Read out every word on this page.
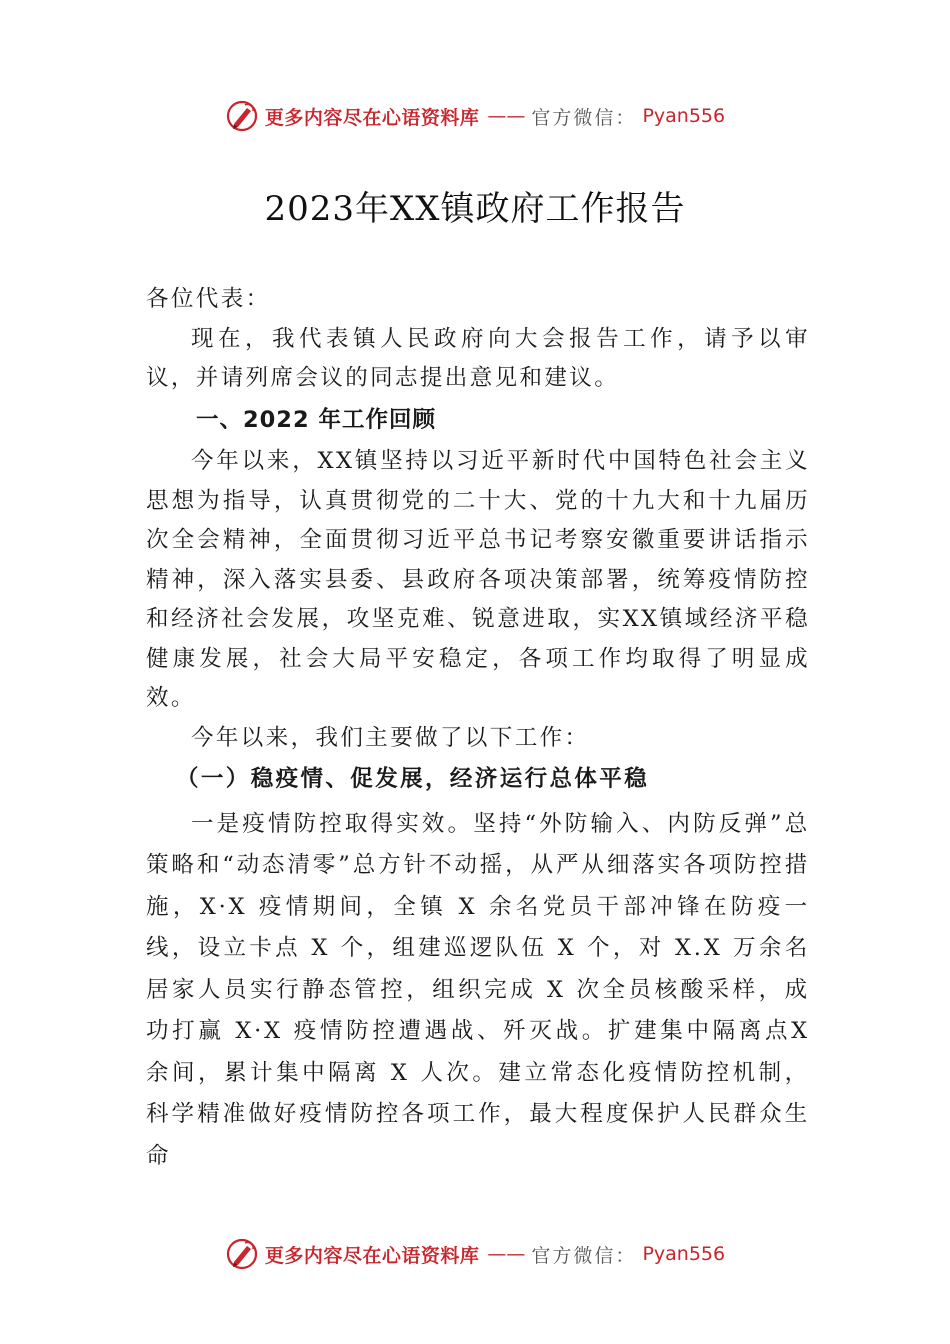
更多内容尽在心语资料库 —— 官方微信： Pyan556
2023年XX镇政府工作报告

各位代表：

现在，我代表镇人民政府向大会报告工作，请予以审议，并请列席会议的同志提出意见和建议。

一、2022 年工作回顾

今年以来，XX镇坚持以习近平新时代中国特色社会主义思想为指导，认真贯彻党的二十大、党的十九大和十九届历次全会精神，全面贯彻习近平总书记考察安徽重要讲话指示精神，深入落实县委、县政府各项决策部署，统筹疫情防控和经济社会发展，攻坚克难、锐意进取，实XX镇域经济平稳健康发展，社会大局平安稳定，各项工作均取得了明显成效。

今年以来，我们主要做了以下工作：

（一）稳疫情、促发展，经济运行总体平稳

一是疫情防控取得实效。坚持“外防输入、内防反弹”总策略和“动态清零”总方针不动摇，从严从细落实各项防控措施，X·X 疫情期间，全镇 X 余名党员干部冲锋在防疫一线，设立卡点 X 个，组建巡逻队伍 X 个，对 X.X 万余名居家人员实行静态管控，组织完成 X 次全员核酸采样，成功打赢 X·X 疫情防控遭遇战、歼灭战。扩建集中隔离点X 余间，累计集中隔离 X 人次。建立常态化疫情防控机制，科学精准做好疫情防控各项工作，最大程度保护人民群众生命

更多内容尽在心语资料库 —— 官方微信： Pyan556
